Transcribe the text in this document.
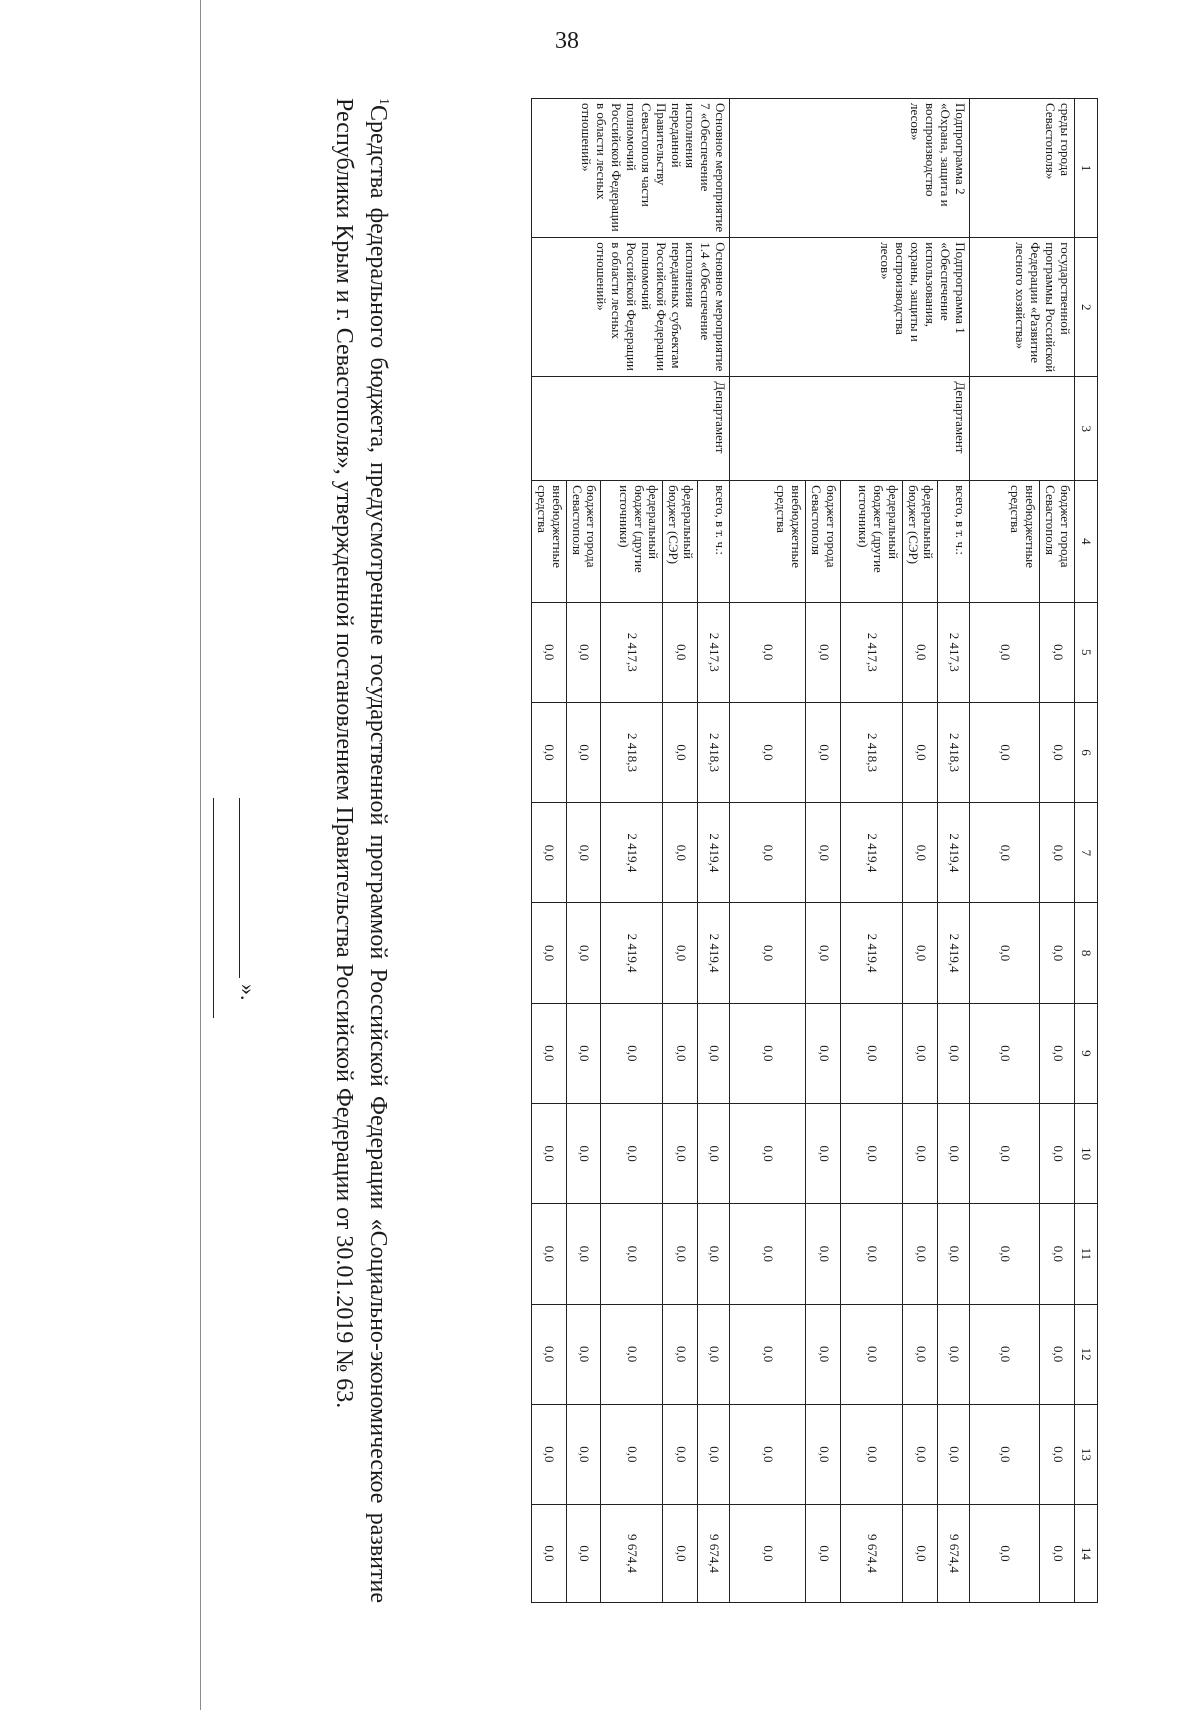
38
1	2	3	4	5	6	7	8	9	10	11	12	13	14
среды города Севастополя»	государственной программы Российской Федерации «Развитие лесного хозяйства»		бюджет города Севастополя	0,0	0,0	0,0	0,0	0,0	0,0	0,0	0,0	0,0	0,0
			внебюджетные средства	0,0	0,0	0,0	0,0	0,0	0,0	0,0	0,0	0,0	0,0
Подпрограмма 2 «Охрана, защита и воспроизводство лесов»	Подпрограмма 1 «Обеспечение использования, охраны, защиты и воспроизводства лесов»	Департамент	всего, в т. ч.:	2 417,3	2 418,3	2 419,4	2 419,4	0,0	0,0	0,0	0,0	0,0	9 674,4
			федеральный бюджет (СЭР)	0,0	0,0	0,0	0,0	0,0	0,0	0,0	0,0	0,0	0,0
			федеральный бюджет (другие источники)	2 417,3	2 418,3	2 419,4	2 419,4	0,0	0,0	0,0	0,0	0,0	9 674,4
			бюджет города Севастополя	0,0	0,0	0,0	0,0	0,0	0,0	0,0	0,0	0,0	0,0
			внебюджетные средства	0,0	0,0	0,0	0,0	0,0	0,0	0,0	0,0	0,0	0,0
Основное мероприятие 7 «Обеспечение исполнения переданной Правительству Севастополя части полномочий Российской Федерации в области лесных отношений»	Основное мероприятие 1.4 «Обеспечение исполнения переданных субъектам Российской Федерации полномочий Российской Федерации в области лесных отношений»	Департамент	всего, в т. ч.:	2 417,3	2 418,3	2 419,4	2 419,4	0,0	0,0	0,0	0,0	0,0	9 674,4
			федеральный бюджет (СЭР)	0,0	0,0	0,0	0,0	0,0	0,0	0,0	0,0	0,0	0,0
			федеральный бюджет (другие источники)	2 417,3	2 418,3	2 419,4	2 419,4	0,0	0,0	0,0	0,0	0,0	9 674,4
			бюджет города Севастополя	0,0	0,0	0,0	0,0	0,0	0,0	0,0	0,0	0,0	0,0
			внебюджетные средства	0,0	0,0	0,0	0,0	0,0	0,0	0,0	0,0	0,0	0,0
$^1$Средства федерального бюджета, предусмотренные государственной программой Российской Федерации «Социально-экономическое развитие Республики Крым и г. Севастополя», утвержденной постановлением Правительства Российской Федерации от 30.01.2019 № 63.
».
